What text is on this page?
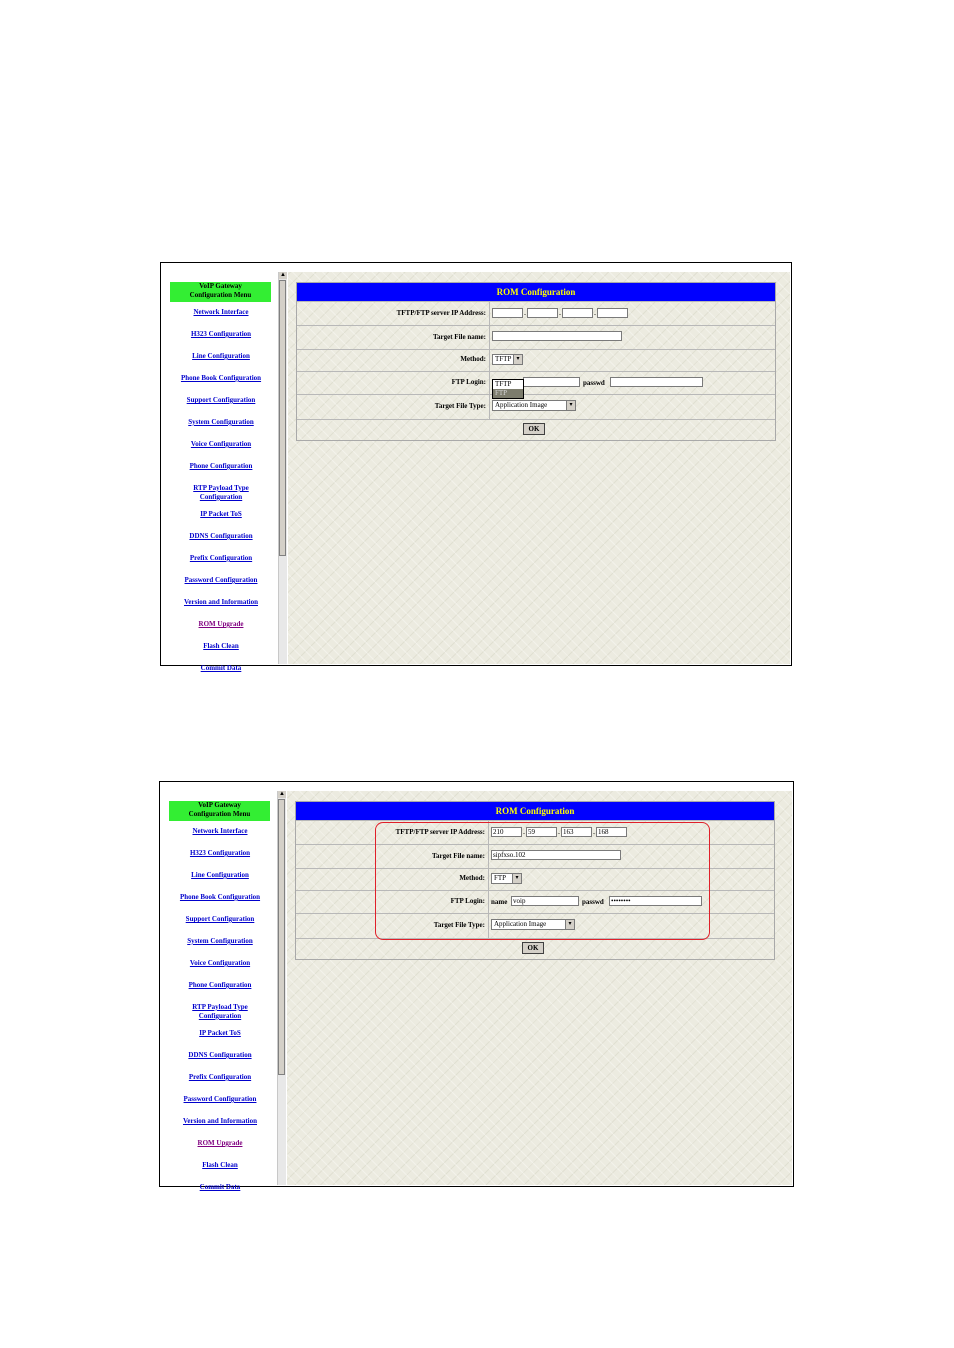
VoIP Gateway
Configuration Menu
Network Interface
H323 Configuration
Line Configuration
Phone Book Configuration
Support Configuration
System Configuration
Voice Configuration
Phone Configuration
RTP Payload Type
Configuration
IP Packet ToS
DDNS Configuration
Prefix Configuration
Password Configuration
Version and Information
ROM Upgrade
Flash Clean
Commit Data
▲
ROM Configuration
TFTP/FTP server IP Address:	.	.	.
Target File name:
Method:	TFTP ▾
FTP Login:	passwd
Target File Type:	Application Image	▾
OK
TFTP
FTP
VoIP Gateway
Configuration Menu
Network Interface
H323 Configuration
Line Configuration
Phone Book Configuration
Support Configuration
System Configuration
Voice Configuration
Phone Configuration
RTP Payload Type
Configuration
IP Packet ToS
DDNS Configuration
Prefix Configuration
Password Configuration
Version and Information
ROM Upgrade
Flash Clean
Commit Data
▲
ROM Configuration
TFTP/FTP server IP Address: 210	. 59	. 163	. 168
Target File name: sipfxso.102
Method:	FTP	▾
FTP Login: name voip	passwd ••••••••
Target File Type:	Application Image	▾
OK
